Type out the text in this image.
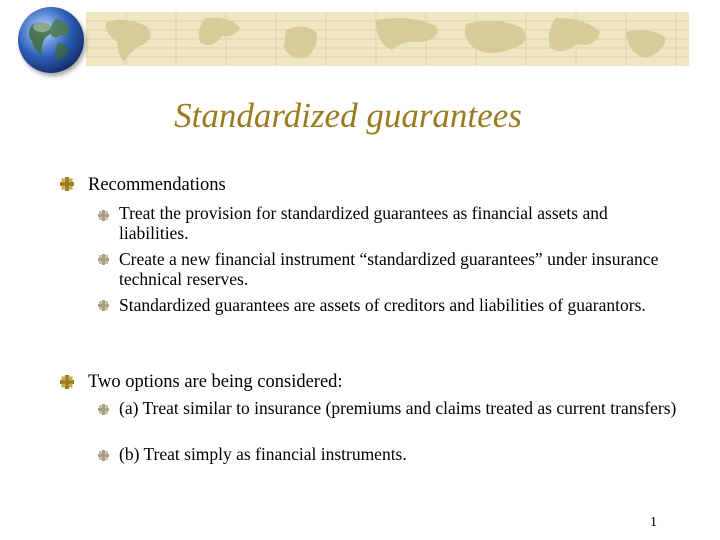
Standardized guarantees
Recommendations
Treat the provision for standardized guarantees as financial assets and liabilities.
Create a new financial instrument “standardized guarantees” under insurance technical reserves.
Standardized guarantees are assets of creditors and liabilities of guarantors.
Two options are being considered:
(a) Treat similar to insurance (premiums and claims treated as current transfers)
(b) Treat simply as financial instruments.
1
